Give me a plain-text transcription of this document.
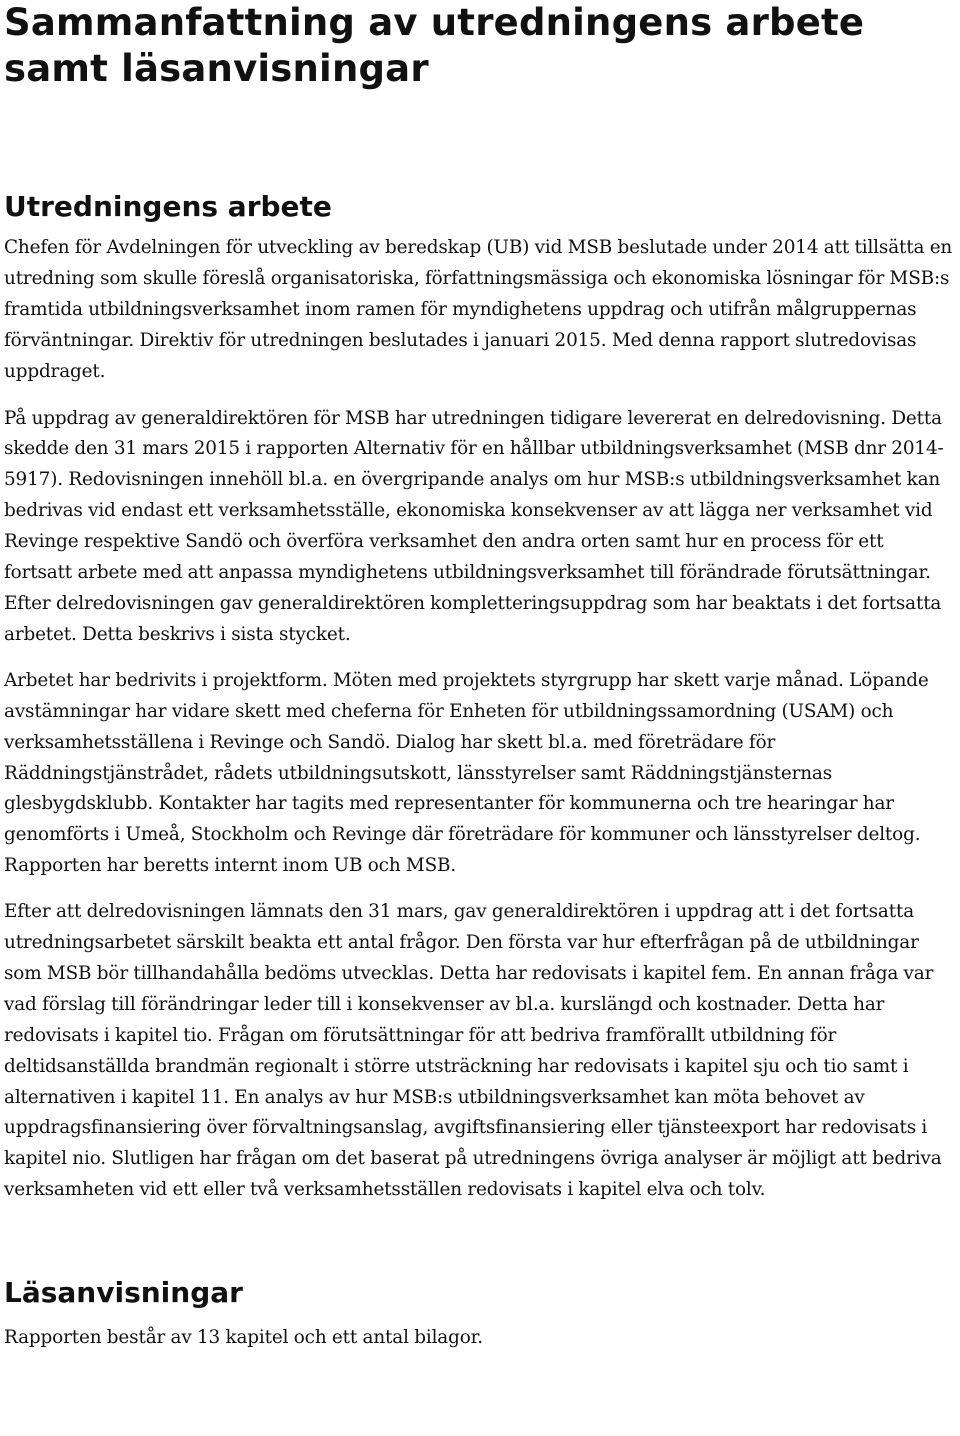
Sammanfattning av utredningens arbete samt läsanvisningar
Utredningens arbete

Chefen för Avdelningen för utveckling av beredskap (UB) vid MSB beslutade under 2014 att tillsätta en utredning som skulle föreslå organisatoriska, författningsmässiga och ekonomiska lösningar för MSB:s framtida utbildningsverksamhet inom ramen för myndighetens uppdrag och utifrån målgruppernas förväntningar. Direktiv för utredningen beslutades i januari 2015. Med denna rapport slutredovisas uppdraget.

På uppdrag av generaldirektören för MSB har utredningen tidigare levererat en delredovisning. Detta skedde den 31 mars 2015 i rapporten Alternativ för en hållbar utbildningsverksamhet (MSB dnr 2014-5917). Redovisningen innehöll bl.a. en övergripande analys om hur MSB:s utbildningsverksamhet kan bedrivas vid endast ett verksamhetsställe, ekonomiska konsekvenser av att lägga ner verksamhet vid Revinge respektive Sandö och överföra verksamhet den andra orten samt hur en process för ett fortsatt arbete med att anpassa myndighetens utbildningsverksamhet till förändrade förutsättningar. Efter delredovisningen gav generaldirektören kompletteringsuppdrag som har beaktats i det fortsatta arbetet. Detta beskrivs i sista stycket.

Arbetet har bedrivits i projektform. Möten med projektets styrgrupp har skett varje månad. Löpande avstämningar har vidare skett med cheferna för Enheten för utbildningssamordning (USAM) och verksamhetsställena i Revinge och Sandö. Dialog har skett bl.a. med företrädare för Räddningstjänstrådet, rådets utbildningsutskott, länsstyrelser samt Räddningstjänsternas glesbygdsklubb. Kontakter har tagits med representanter för kommunerna och tre hearingar har genomförts i Umeå, Stockholm och Revinge där företrädare för kommuner och länsstyrelser deltog. Rapporten har beretts internt inom UB och MSB.

Efter att delredovisningen lämnats den 31 mars, gav generaldirektören i uppdrag att i det fortsatta utredningsarbetet särskilt beakta ett antal frågor. Den första var hur efterfrågan på de utbildningar som MSB bör tillhandahålla bedöms utvecklas. Detta har redovisats i kapitel fem. En annan fråga var vad förslag till förändringar leder till i konsekvenser av bl.a. kurslängd och kostnader. Detta har redovisats i kapitel tio. Frågan om förutsättningar för att bedriva framförallt utbildning för deltidsanställda brandmän regionalt i större utsträckning har redovisats i kapitel sju och tio samt i alternativen i kapitel 11. En analys av hur MSB:s utbildningsverksamhet kan möta behovet av uppdragsfinansiering över förvaltningsanslag, avgiftsfinansiering eller tjänsteexport har redovisats i kapitel nio. Slutligen har frågan om det baserat på utredningens övriga analyser är möjligt att bedriva verksamheten vid ett eller två verksamhetsställen redovisats i kapitel elva och tolv.

Läsanvisningar

Rapporten består av 13 kapitel och ett antal bilagor.
